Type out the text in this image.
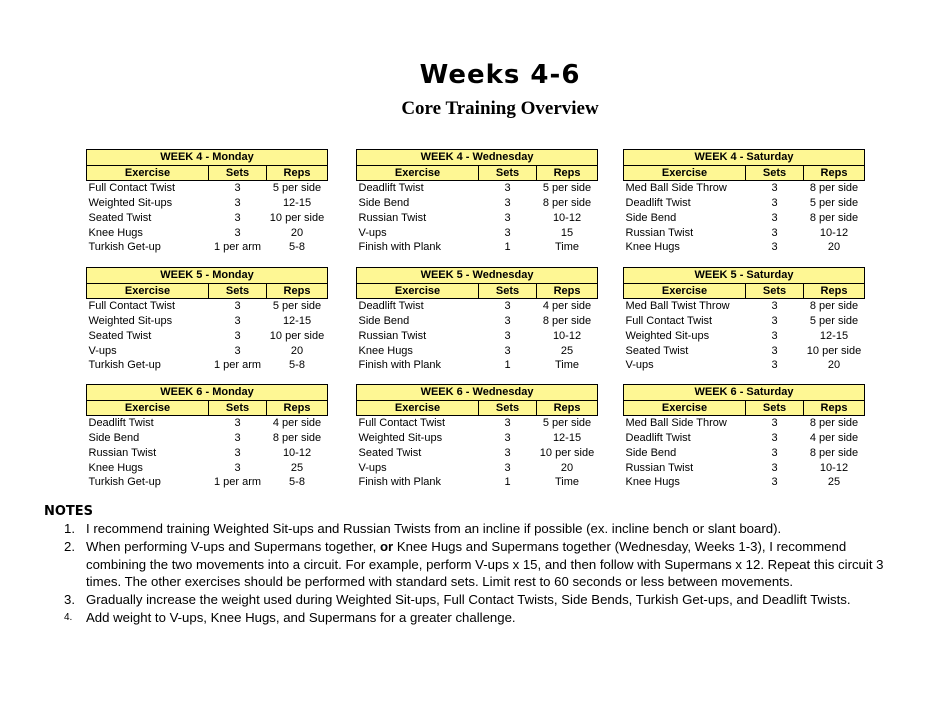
Weeks 4-6
Core Training Overview
WEEK 4 - Monday		
Exercise	Sets	Reps
Full Contact Twist	3	5 per side
Weighted Sit-ups	3	12-15
Seated Twist	3	10 per side
Knee Hugs	3	20
Turkish Get-up	1 per arm	5-8
WEEK 4 - Wednesday		
Exercise	Sets	Reps
Deadlift Twist	3	5 per side
Side Bend	3	8 per side
Russian Twist	3	10-12
V-ups	3	15
Finish with Plank	1	Time
WEEK 4 - Saturday		
Exercise	Sets	Reps
Med Ball Side Throw	3	8 per side
Deadlift Twist	3	5 per side
Side Bend	3	8 per side
Russian Twist	3	10-12
Knee Hugs	3	20
WEEK 5 - Monday		
Exercise	Sets	Reps
Full Contact Twist	3	5 per side
Weighted Sit-ups	3	12-15
Seated Twist	3	10 per side
V-ups	3	20
Turkish Get-up	1 per arm	5-8
WEEK 5 - Wednesday		
Exercise	Sets	Reps
Deadlift Twist	3	4 per side
Side Bend	3	8 per side
Russian Twist	3	10-12
Knee Hugs	3	25
Finish with Plank	1	Time
WEEK 5 - Saturday		
Exercise	Sets	Reps
Med Ball Twist Throw	3	8 per side
Full Contact Twist	3	5 per side
Weighted Sit-ups	3	12-15
Seated Twist	3	10 per side
V-ups	3	20
WEEK 6 - Monday		
Exercise	Sets	Reps
Deadlift Twist	3	4 per side
Side Bend	3	8 per side
Russian Twist	3	10-12
Knee Hugs	3	25
Turkish Get-up	1 per arm	5-8
WEEK 6 - Wednesday		
Exercise	Sets	Reps
Full Contact Twist	3	5 per side
Weighted Sit-ups	3	12-15
Seated Twist	3	10 per side
V-ups	3	20
Finish with Plank	1	Time
WEEK 6 - Saturday		
Exercise	Sets	Reps
Med Ball Side Throw	3	8 per side
Deadlift Twist	3	4 per side
Side Bend	3	8 per side
Russian Twist	3	10-12
Knee Hugs	3	25
NOTES
1. I recommend training Weighted Sit-ups and Russian Twists from an incline if possible (ex. incline bench or slant board).
2. When performing V-ups and Supermans together, or Knee Hugs and Supermans together (Wednesday, Weeks 1-3), I recommend combining the two movements into a circuit. For example, perform V-ups x 15, and then follow with Supermans x 12. Repeat this circuit 3 times. The other exercises should be performed with standard sets. Limit rest to 60 seconds or less between movements.
3. Gradually increase the weight used during Weighted Sit-ups, Full Contact Twists, Side Bends, Turkish Get-ups, and Deadlift Twists.
4. Add weight to V-ups, Knee Hugs, and Supermans for a greater challenge.
